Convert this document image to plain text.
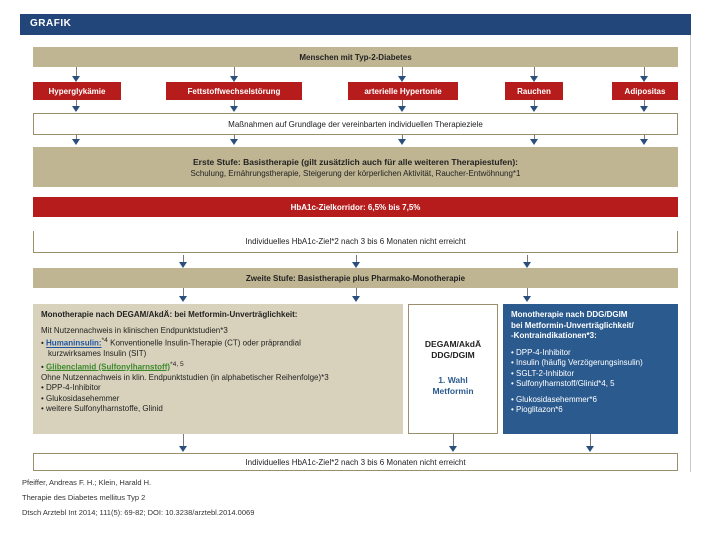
GRAFIK
Menschen mit Typ-2-Diabetes
Hyperglykämie	Fettstoffwechselstörung	arterielle Hypertonie	Rauchen	Adipositas
Maßnahmen auf Grundlage der vereinbarten individuellen Therapieziele
Erste Stufe: Basistherapie (gilt zusätzlich auch für alle weiteren Therapiestufen):
Schulung, Ernährungstherapie, Steigerung der körperlichen Aktivität, Raucher-Entwöhnung*1
HbA1c-Zielkorridor: 6,5% bis 7,5%
Individuelles HbA1c-Ziel*2 nach 3 bis 6 Monaten nicht erreicht
Zweite Stufe: Basistherapie plus Pharmako-Monotherapie
Monotherapie nach DEGAM/AkdÄ: bei Metformin-Unverträglichkeit:
Mit Nutzennachweis in klinischen Endpunktstudien*3
• Humaninsulin:$^{*4}$ Konventionelle Insulin-Therapie (CT) oder präprandial
kurzwirksames Insulin (SIT)
• Glibenclamid (Sulfonylharnstoff)$^{*4, 5}$
Ohne Nutzennachweis in klin. Endpunktstudien (in alphabetischer Reihenfolge)*3
• DPP-4-Inhibitor
• Glukosidasehemmer
• weitere Sulfonylharnstoffe, Glinid
DEGAM/AkdÄ
DDG/DGIM
1. Wahl
Metformin
Monotherapie nach DDG/DGIM
bei Metformin-Unverträglichkeit/
-Kontraindikationen*3:
• DPP-4-Inhibitor
• Insulin (häufig Verzögerungsinsulin)
• SGLT-2-Inhibitor
• Sulfonylharnstoff/Glinid*4, 5
• Glukosidasehemmer*6
• Pioglitazon*6
Individuelles HbA1c-Ziel*2 nach 3 bis 6 Monaten nicht erreicht
Pfeiffer, Andreas F. H.; Klein, Harald H.
Therapie des Diabetes mellitus Typ 2
Dtsch Arztebl Int 2014; 111(5): 69-82; DOI: 10.3238/arztebl.2014.0069
